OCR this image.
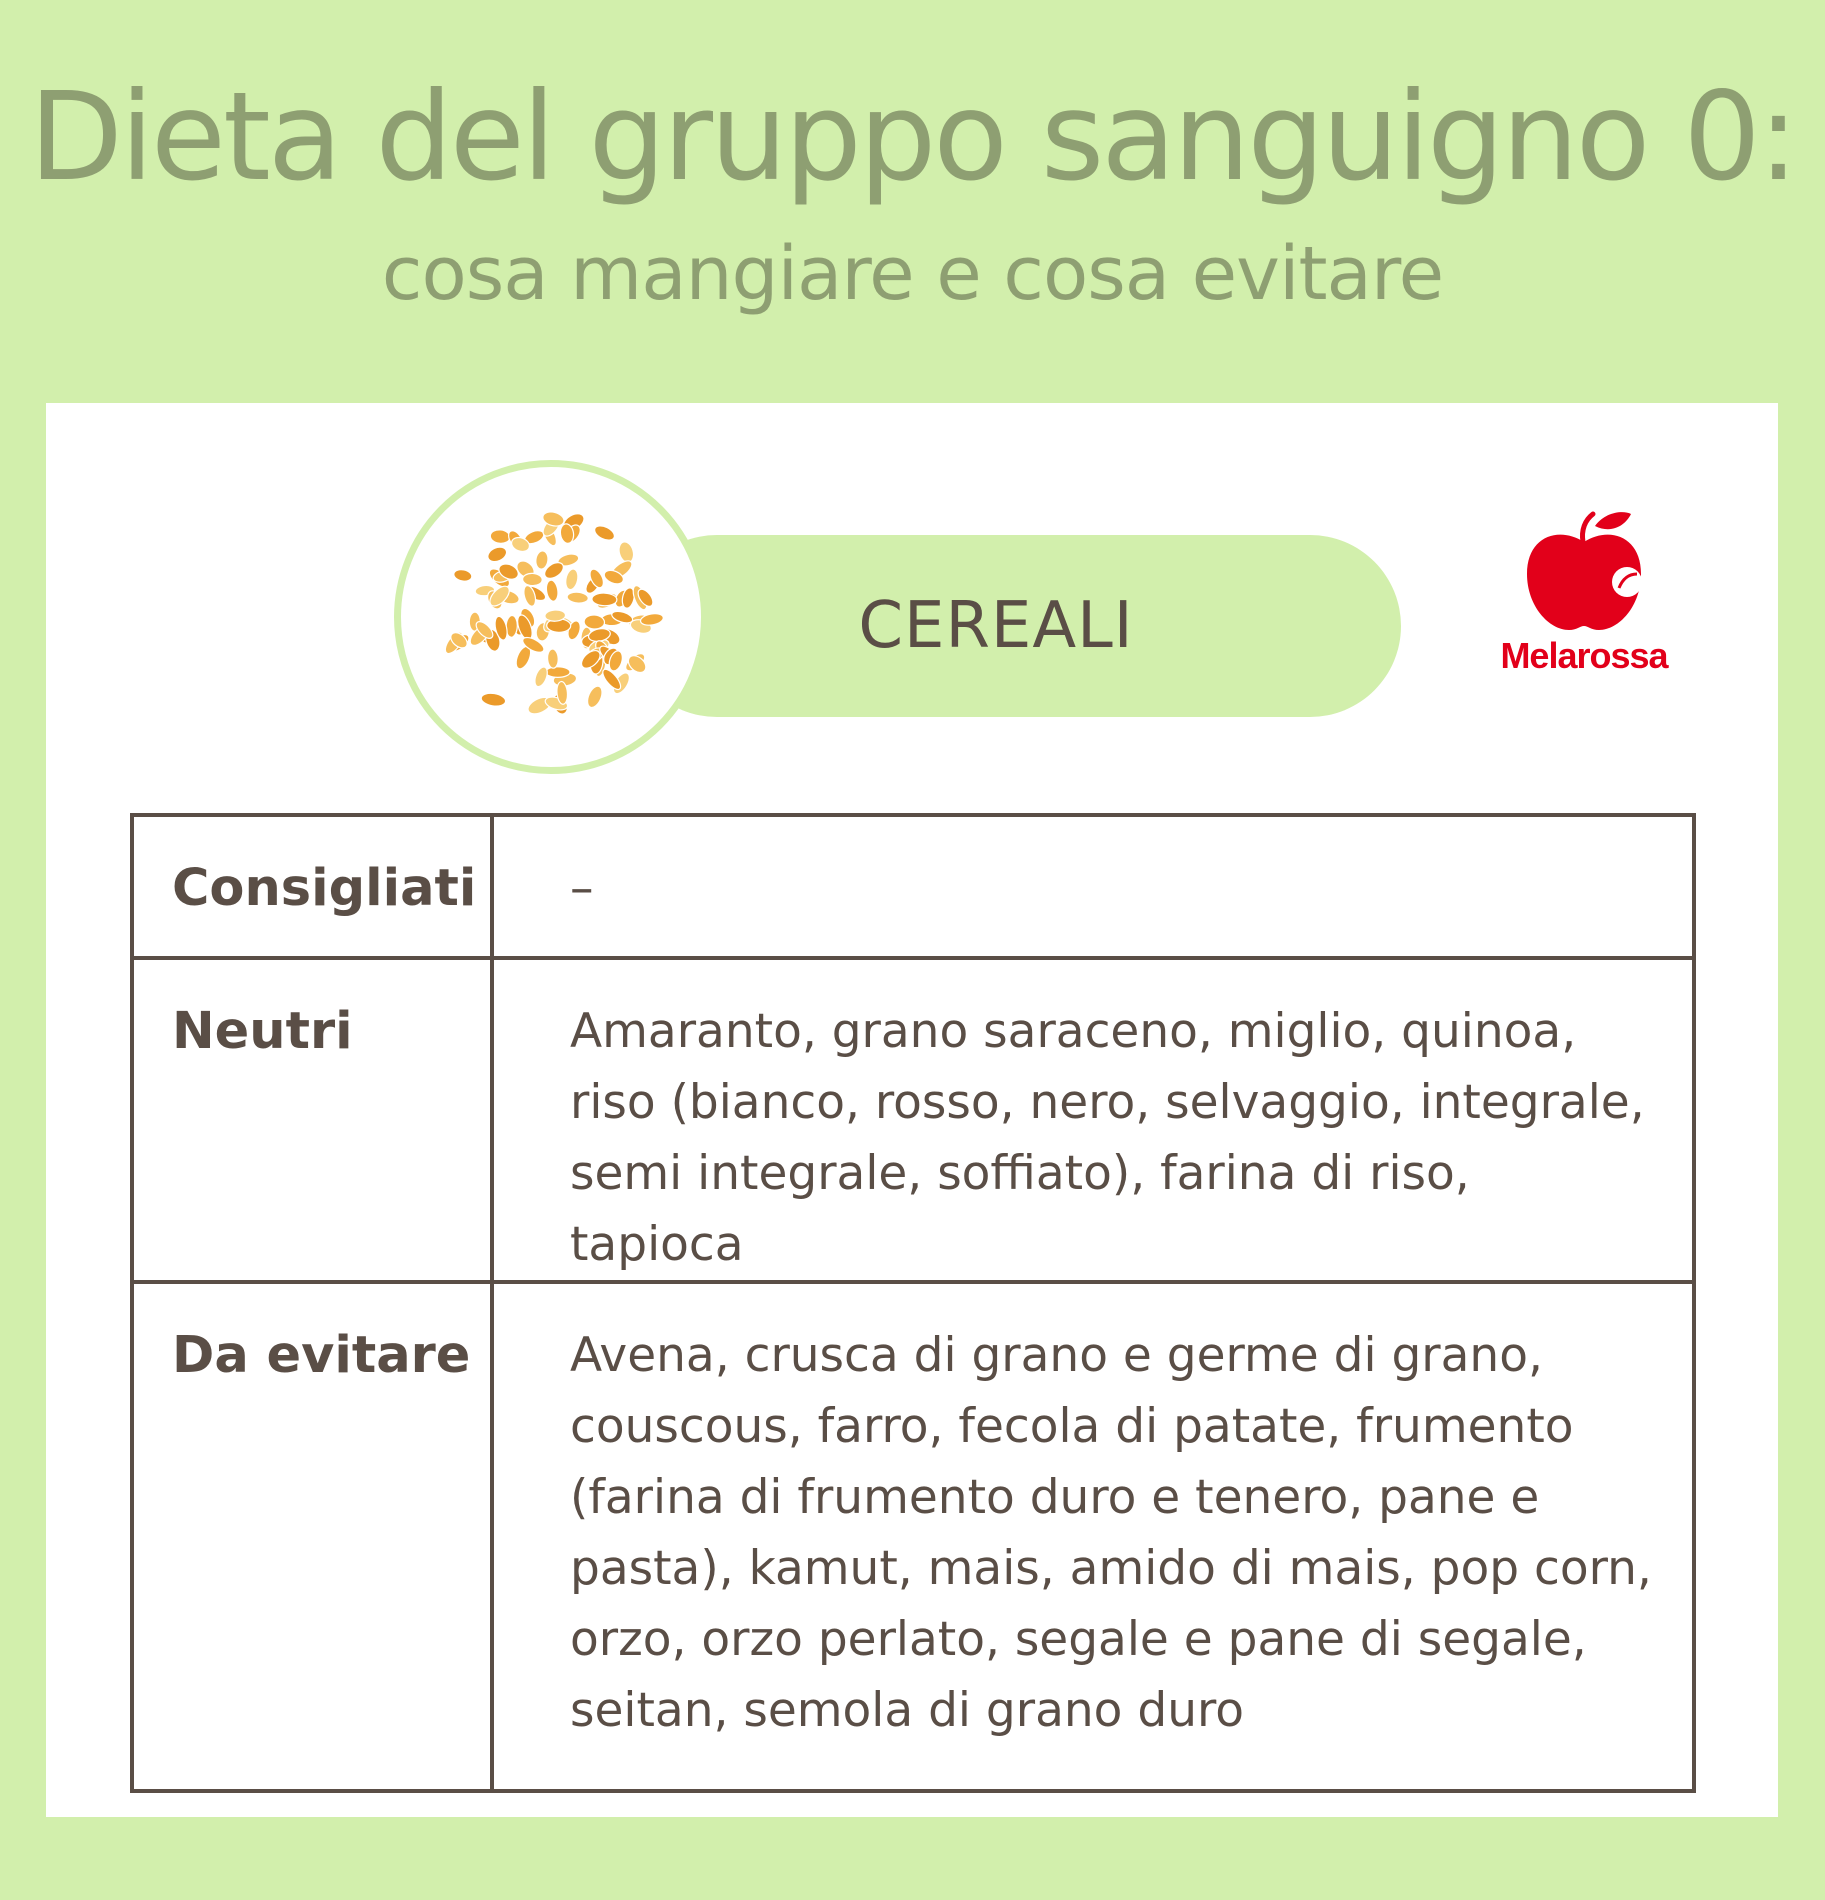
Dieta del gruppo sanguigno 0:
cosa mangiare e cosa evitare
CEREALI	Melarossa
Consigliati	–
Neutri	Amaranto, grano saraceno, miglio, quinoa, riso (bianco, rosso, nero, selvaggio, integrale, semi integrale, soffiato), farina di riso, tapioca
Da evitare	Avena, crusca di grano e germe di grano, couscous, farro, fecola di patate, frumento (farina di frumento duro e tenero, pane e pasta), kamut, mais, amido di mais, pop corn, orzo, orzo perlato, segale e pane di segale, seitan, semola di grano duro
